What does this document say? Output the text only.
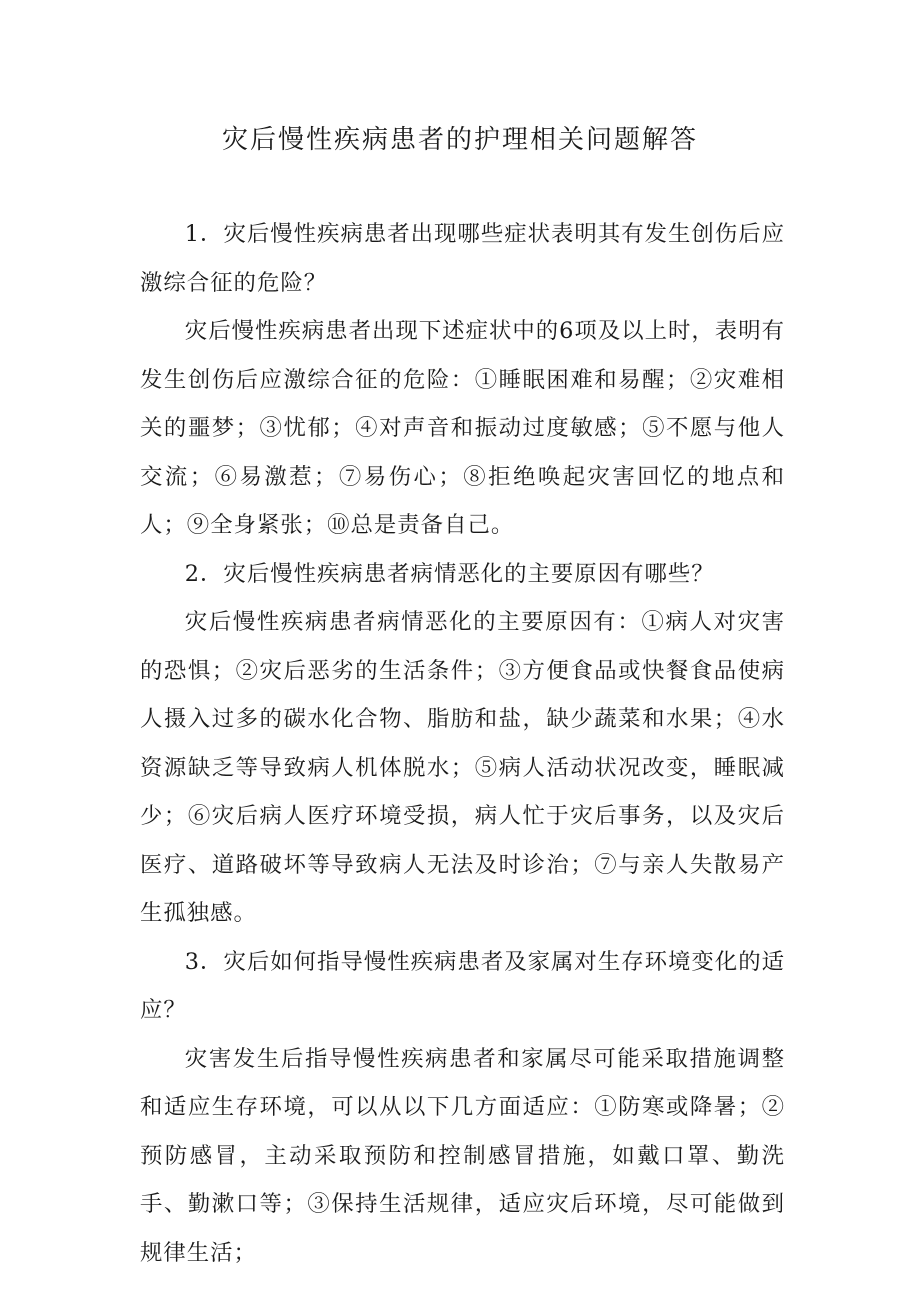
灾后慢性疾病患者的护理相关问题解答

1．灾后慢性疾病患者出现哪些症状表明其有发生创伤后应激综合征的危险？

灾后慢性疾病患者出现下述症状中的6项及以上时，表明有发生创伤后应激综合征的危险：①睡眠困难和易醒；②灾难相关的噩梦；③忧郁；④对声音和振动过度敏感；⑤不愿与他人交流；⑥易激惹；⑦易伤心；⑧拒绝唤起灾害回忆的地点和人；⑨全身紧张；⑩总是责备自己。

2．灾后慢性疾病患者病情恶化的主要原因有哪些？

灾后慢性疾病患者病情恶化的主要原因有：①病人对灾害的恐惧；②灾后恶劣的生活条件；③方便食品或快餐食品使病人摄入过多的碳水化合物、脂肪和盐，缺少蔬菜和水果；④水资源缺乏等导致病人机体脱水；⑤病人活动状况改变，睡眠减少；⑥灾后病人医疗环境受损，病人忙于灾后事务，以及灾后医疗、道路破坏等导致病人无法及时诊治；⑦与亲人失散易产生孤独感。

3．灾后如何指导慢性疾病患者及家属对生存环境变化的适应？

灾害发生后指导慢性疾病患者和家属尽可能采取措施调整和适应生存环境，可以从以下几方面适应：①防寒或降暑；②预防感冒，主动采取预防和控制感冒措施，如戴口罩、勤洗手、勤漱口等；③保持生活规律，适应灾后环境，尽可能做到规律生活；
